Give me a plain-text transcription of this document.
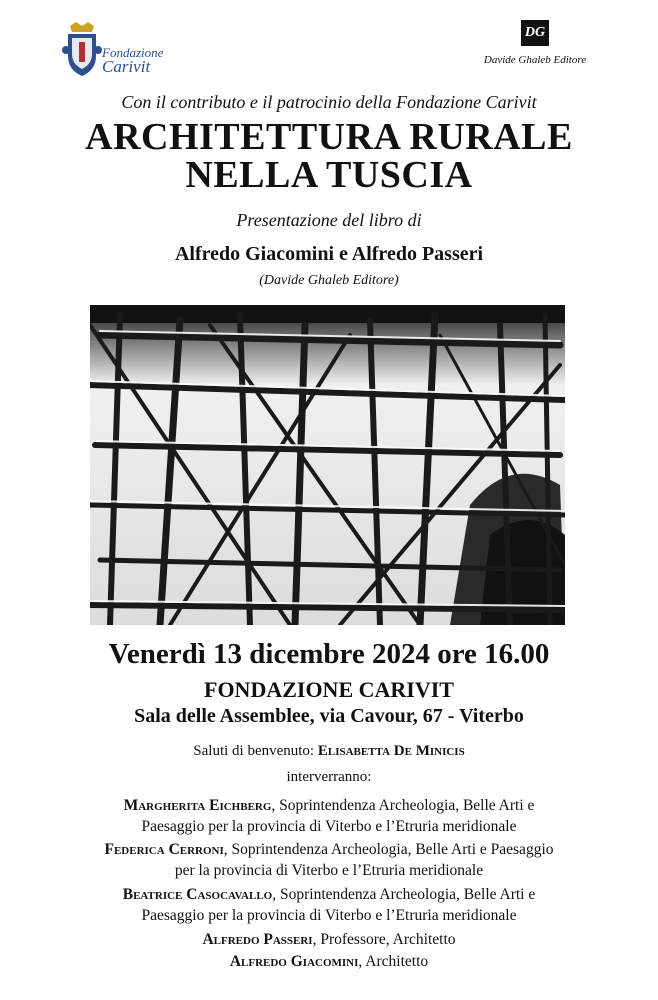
Fondazione
Carivit
DG
Davide Ghaleb Editore
Con il contributo e il patrocinio della Fondazione Carivit
ARCHITETTURA RURALE
NELLA TUSCIA
Presentazione del libro di
Alfredo Giacomini e Alfredo Passeri
(Davide Ghaleb Editore)
Venerdì 13 dicembre 2024 ore 16.00
FONDAZIONE CARIVIT
Sala delle Assemblee, via Cavour, 67 - Viterbo
Saluti di benvenuto: Elisabetta De Minicis
interverranno:
Margherita Eichberg, Soprintendenza Archeologia, Belle Arti e
Paesaggio per la provincia di Viterbo e l’Etruria meridionale
Federica Cerroni, Soprintendenza Archeologia, Belle Arti e Paesaggio
per la provincia di Viterbo e l’Etruria meridionale
Beatrice Casocavallo, Soprintendenza Archeologia, Belle Arti e
Paesaggio per la provincia di Viterbo e l’Etruria meridionale
Alfredo Passeri, Professore, Architetto
Alfredo Giacomini, Architetto
